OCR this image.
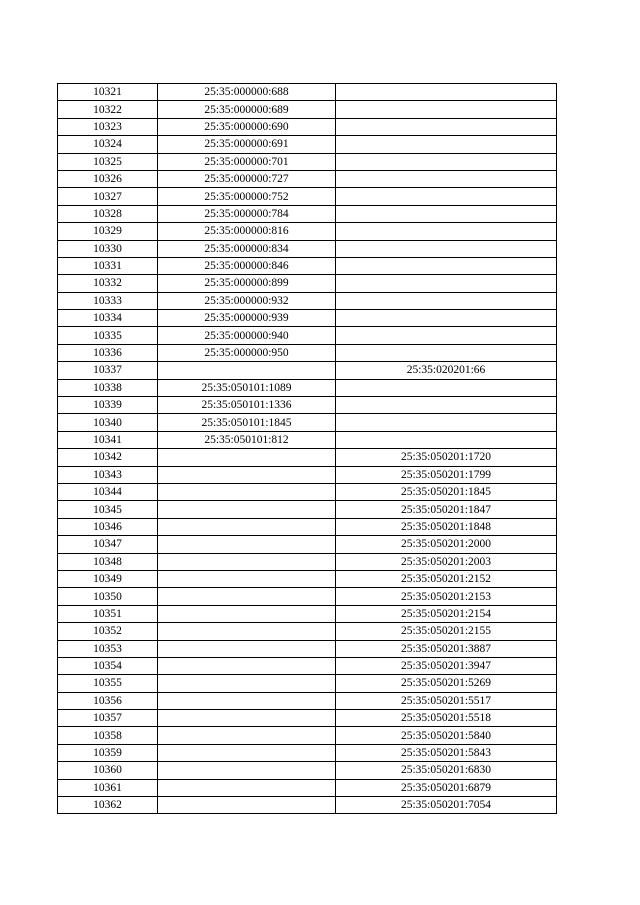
10321	25:35:000000:688	
10322	25:35:000000:689	
10323	25:35:000000:690	
10324	25:35:000000:691	
10325	25:35:000000:701	
10326	25:35:000000:727	
10327	25:35:000000:752	
10328	25:35:000000:784	
10329	25:35:000000:816	
10330	25:35:000000:834	
10331	25:35:000000:846	
10332	25:35:000000:899	
10333	25:35:000000:932	
10334	25:35:000000:939	
10335	25:35:000000:940	
10336	25:35:000000:950	
10337		25:35:020201:66
10338	25:35:050101:1089	
10339	25:35:050101:1336	
10340	25:35:050101:1845	
10341	25:35:050101:812	
10342		25:35:050201:1720
10343		25:35:050201:1799
10344		25:35:050201:1845
10345		25:35:050201:1847
10346		25:35:050201:1848
10347		25:35:050201:2000
10348		25:35:050201:2003
10349		25:35:050201:2152
10350		25:35:050201:2153
10351		25:35:050201:2154
10352		25:35:050201:2155
10353		25:35:050201:3887
10354		25:35:050201:3947
10355		25:35:050201:5269
10356		25:35:050201:5517
10357		25:35:050201:5518
10358		25:35:050201:5840
10359		25:35:050201:5843
10360		25:35:050201:6830
10361		25:35:050201:6879
10362		25:35:050201:7054
